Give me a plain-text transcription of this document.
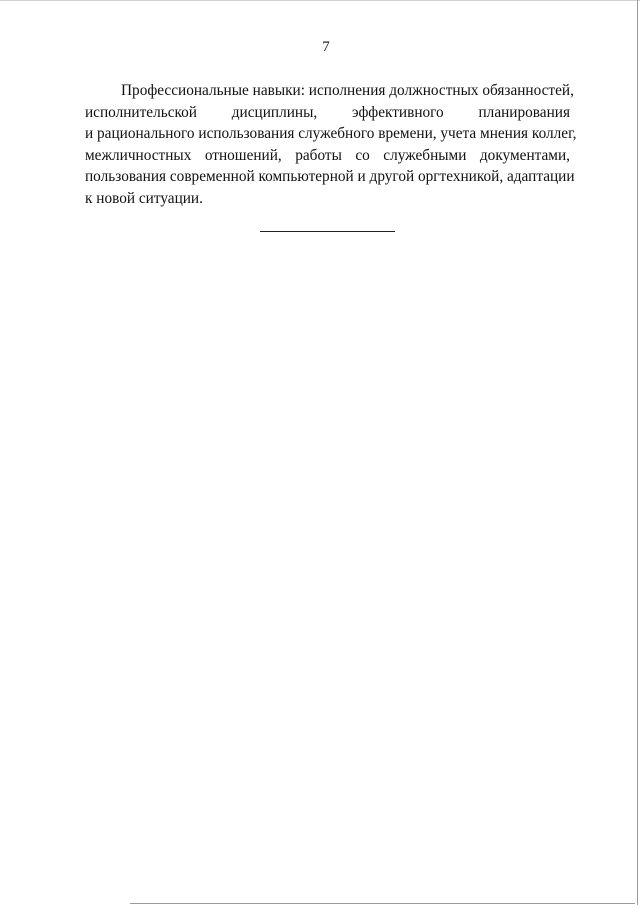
7
Профессиональные навыки: исполнения должностных обязанностей,
исполнительской дисциплины, эффективного планирования
и рационального использования служебного времени, учета мнения коллег,
межличностных отношений, работы со служебными документами,
пользования современной компьютерной и другой оргтехникой, адаптации
к новой ситуации.
